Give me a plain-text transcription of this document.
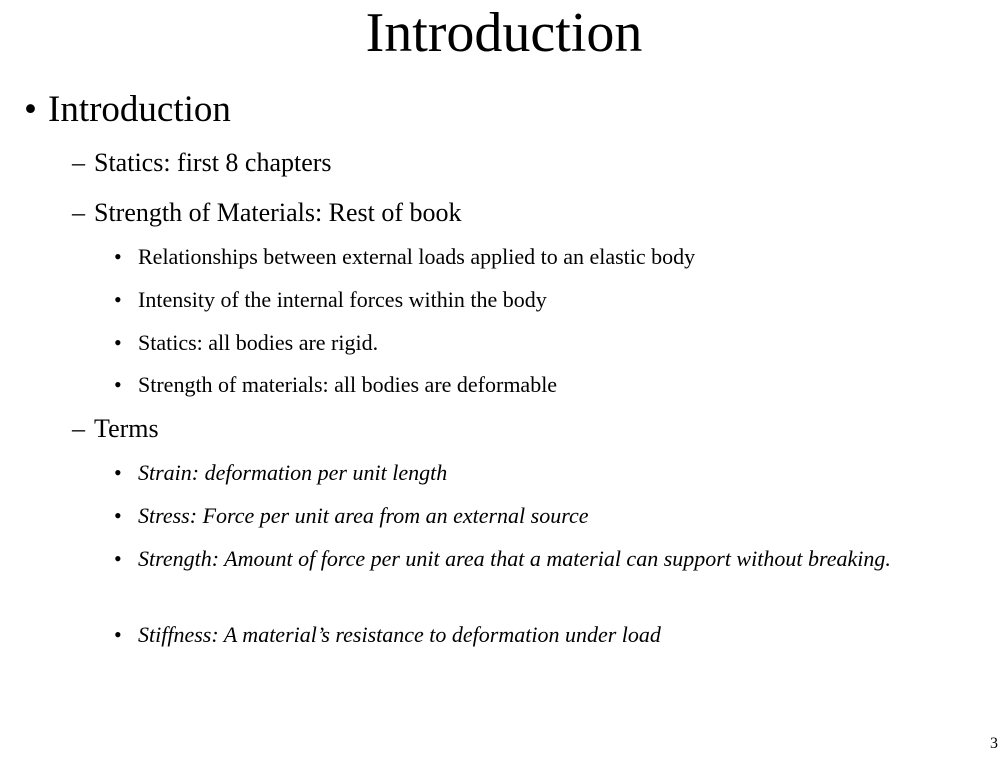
Introduction
• Introduction
– Statics: first 8 chapters
– Strength of Materials: Rest of book
• Relationships between external loads applied to an elastic body
• Intensity of the internal forces within the body
• Statics: all bodies are rigid.
• Strength of materials: all bodies are deformable
– Terms
• Strain: deformation per unit length
• Stress: Force per unit area from an external source
• Strength: Amount of force per unit area that a material can support without breaking.
• Stiffness: A material’s resistance to deformation under load
3
